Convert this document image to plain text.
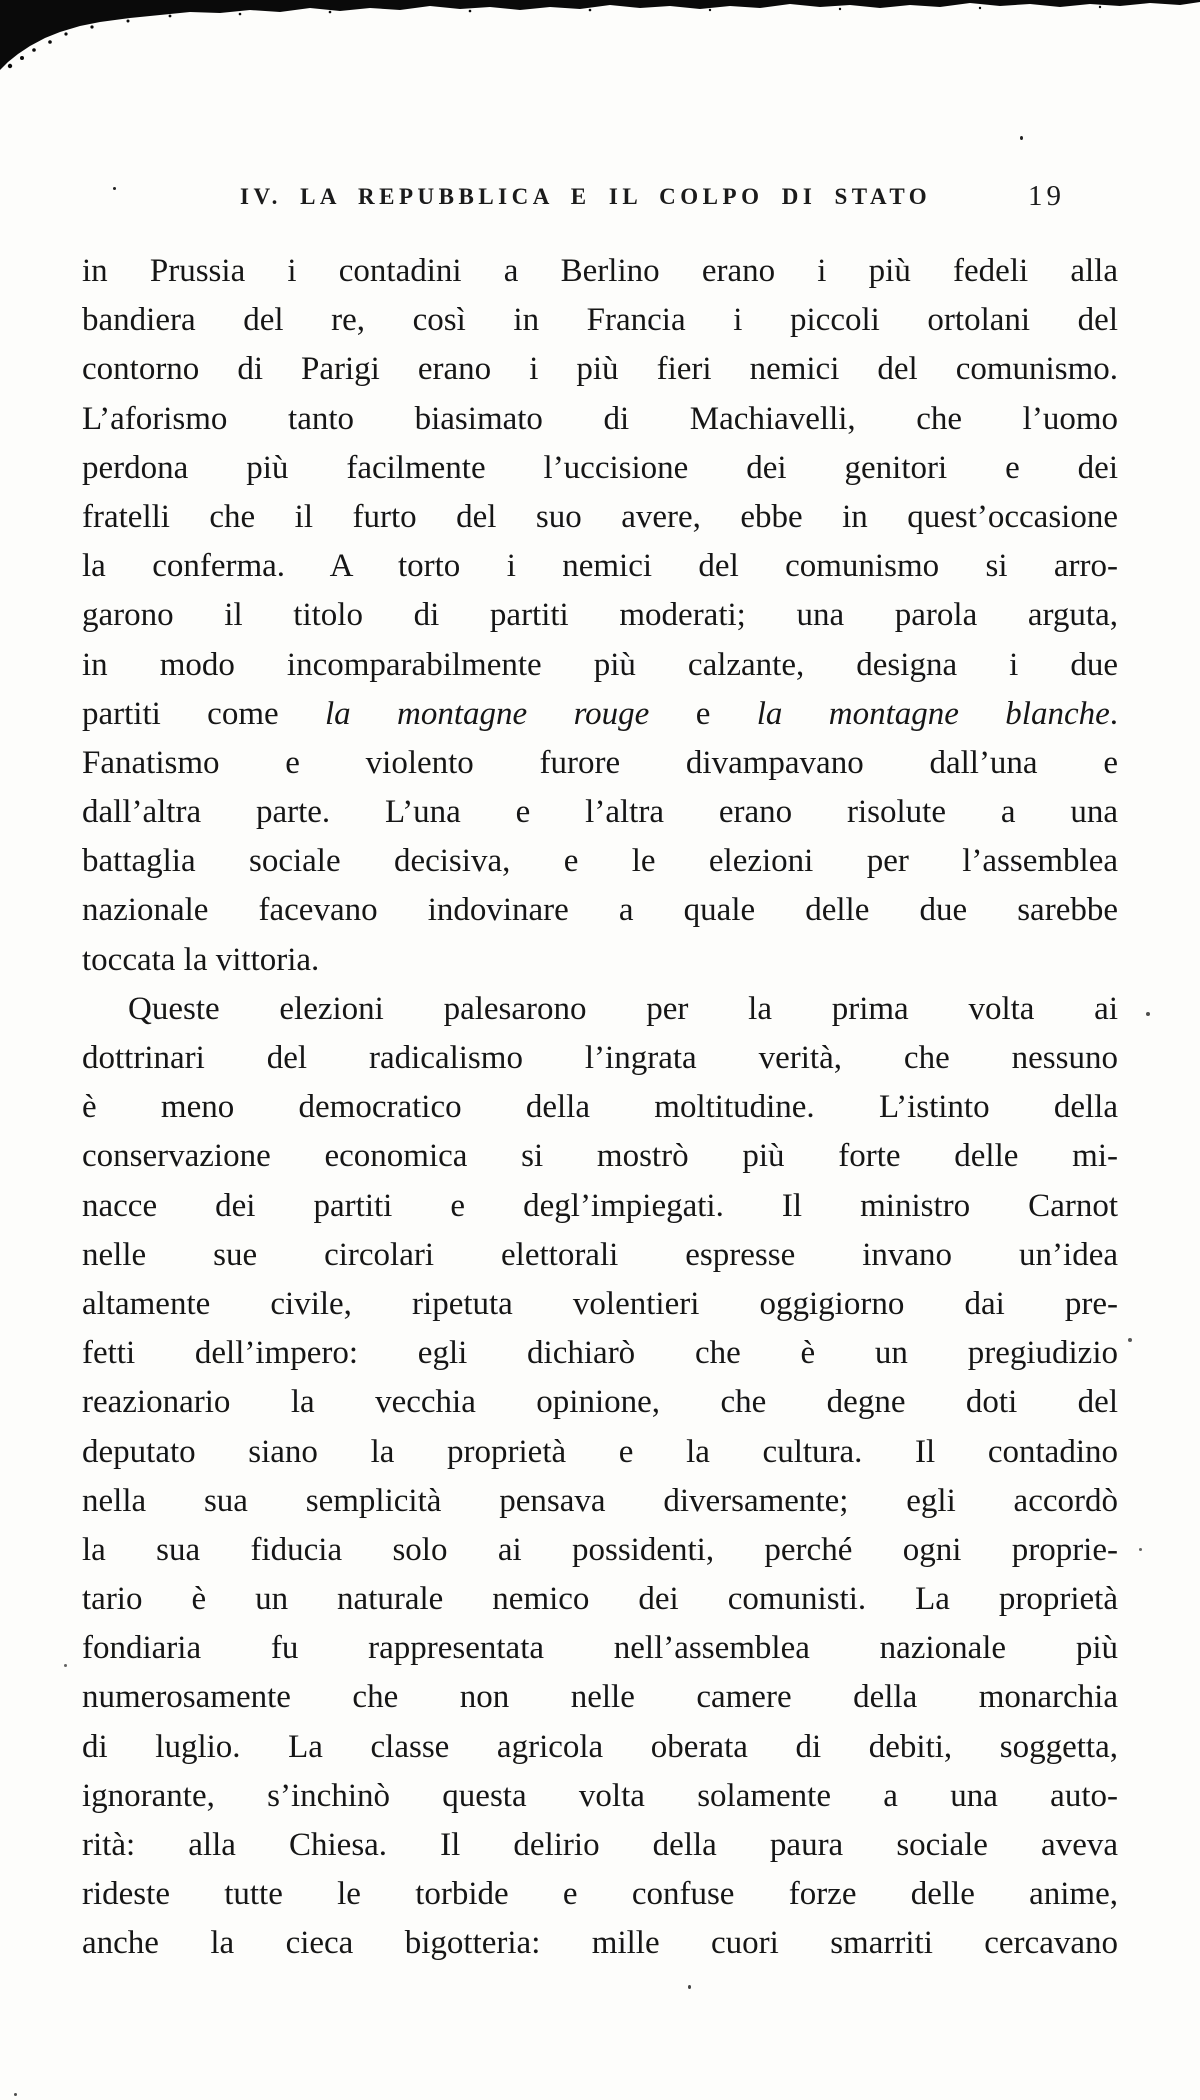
IV. LA REPUBBLICA E IL COLPO DI STATO	19
in Prussia i contadini a Berlino erano i più fedeli alla
bandiera del re, così in Francia i piccoli ortolani del
contorno di Parigi erano i più fieri nemici del comunismo.
L’aforismo tanto biasimato di Machiavelli, che l’uomo
perdona più facilmente l’uccisione dei genitori e dei
fratelli che il furto del suo avere, ebbe in quest’occasione
la conferma. A torto i nemici del comunismo si arro-
garono il titolo di partiti moderati; una parola arguta,
in modo incomparabilmente più calzante, designa i due
partiti come la montagne rouge e la montagne blanche.
Fanatismo e violento furore divampavano dall’una e
dall’altra parte. L’una e l’altra erano risolute a una
battaglia sociale decisiva, e le elezioni per l’assemblea
nazionale facevano indovinare a quale delle due sarebbe
toccata la vittoria.
Queste elezioni palesarono per la prima volta ai
dottrinari del radicalismo l’ingrata verità, che nessuno
è meno democratico della moltitudine. L’istinto della
conservazione economica si mostrò più forte delle mi-
nacce dei partiti e degl’impiegati. Il ministro Carnot
nelle sue circolari elettorali espresse invano un’idea
altamente civile, ripetuta volentieri oggigiorno dai pre-
fetti dell’impero: egli dichiarò che è un pregiudizio
reazionario la vecchia opinione, che degne doti del
deputato siano la proprietà e la cultura. Il contadino
nella sua semplicità pensava diversamente; egli accordò
la sua fiducia solo ai possidenti, perché ogni proprie-
tario è un naturale nemico dei comunisti. La proprietà
fondiaria fu rappresentata nell’assemblea nazionale più
numerosamente che non nelle camere della monarchia
di luglio. La classe agricola oberata di debiti, soggetta,
ignorante, s’inchinò questa volta solamente a una auto-
rità: alla Chiesa. Il delirio della paura sociale aveva
rideste tutte le torbide e confuse forze delle anime,
anche la cieca bigotteria: mille cuori smarriti cercavano
